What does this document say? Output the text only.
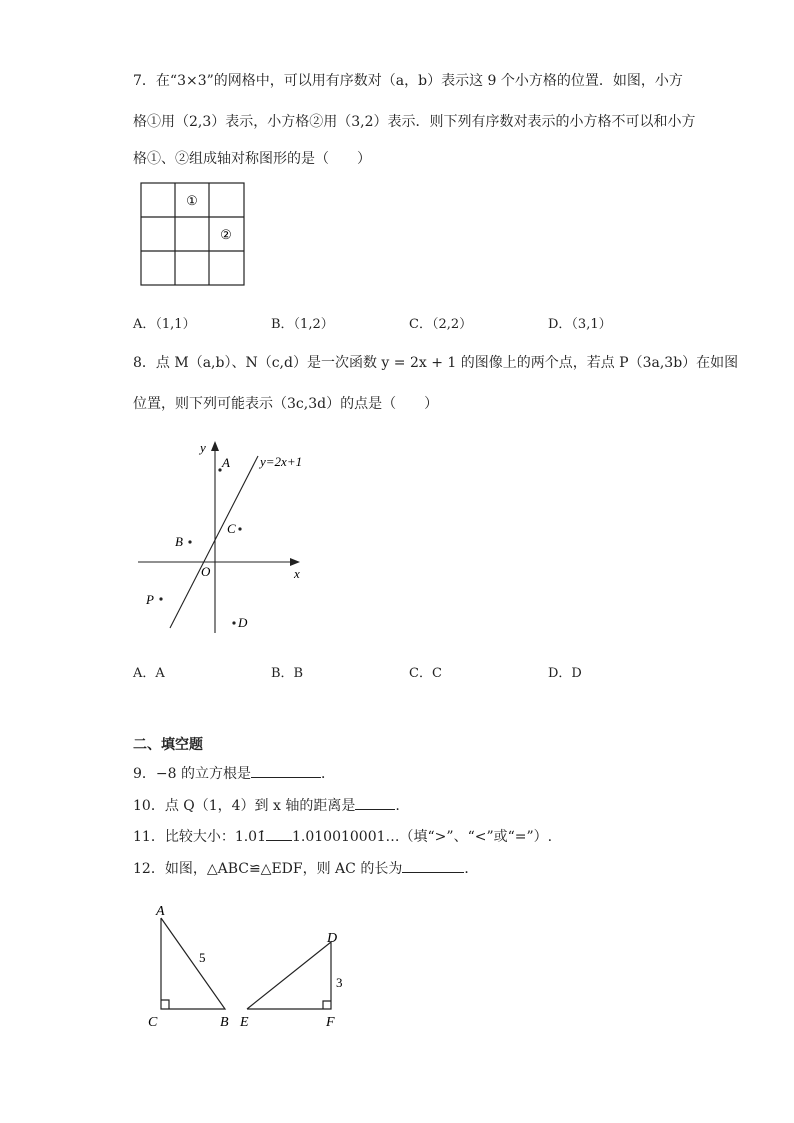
7．在“3×3”的网格中，可以用有序数对（a，b）表示这 9 个小方格的位置．如图，小方
格①用（2,3）表示，小方格②用（3,2）表示．则下列有序数对表示的小方格不可以和小方
格①、②组成轴对称图形的是（　　）
①
②
A．（1,1）	B．（1,2）	C．（2,2）	D．（3,1）
8．点 M（a,b）、N（c,d）是一次函数 y = 2x + 1 的图像上的两个点，若点 P（3a,3b）在如图
位置，则下列可能表示（3c,3d）的点是（　　）
x
y
O
y=2x+1
A
B
C
D
P
A．A	B．B	C．C	D．D
二、填空题
9．−8 的立方根是	．
10．点 Q（1，4）到 x 轴的距离是	.
11．比较大小：1.01̇ 1.010010001…（填“>”、“<”或“=”）.
12．如图，△ABC≌△EDF，则 AC 的长为	．
A
B
C
D
E	F
5
3
